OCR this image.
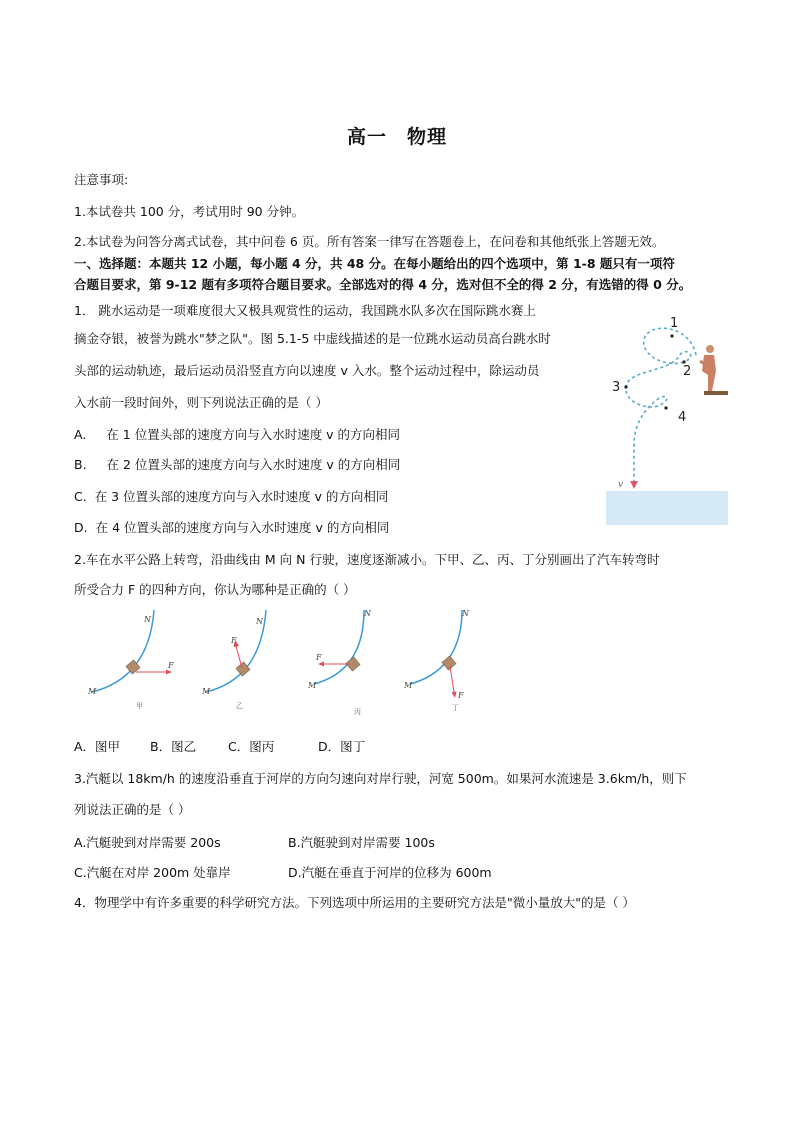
高一　物理
注意事项:
1.本试卷共 100 分，考试用时 90 分钟。
2.本试卷为问答分离式试卷，其中问卷 6 页。所有答案一律写在答题卷上，在问卷和其他纸张上答题无效。
一、选择题：本题共 12 小题，每小题 4 分，共 48 分。在每小题给出的四个选项中，第 1-8 题只有一项符
合题目要求，第 9-12 题有多项符合题目要求。全部选对的得 4 分，选对但不全的得 2 分，有选错的得 0 分。
1． 跳水运动是一项难度很大又极具观赏性的运动，我国跳水队多次在国际跳水赛上
摘金夺银，被誉为跳水"梦之队"。图 5.1-5 中虚线描述的是一位跳水运动员高台跳水时
头部的运动轨迹，最后运动员沿竖直方向以速度 v 入水。整个运动过程中，除运动员
入水前一段时间外，则下列说法正确的是（ ）
A. 在 1 位置头部的速度方向与入水时速度 v 的方向相同
B. 在 2 位置头部的速度方向与入水时速度 v 的方向相同
C. 在 3 位置头部的速度方向与入水时速度 v 的方向相同
D. 在 4 位置头部的速度方向与入水时速度 v 的方向相同
1
2
3
4
v
2.车在水平公路上转弯，沿曲线由 M 向 N 行驶，速度逐渐减小。下甲、乙、丙、丁分别画出了汽车转弯时
所受合力 F 的四种方向，你认为哪种是正确的（ ）
M
N
F
甲
M
N
F
乙
M
N
F
丙
M
N
F
丁
A．图甲 B．图乙	C．图丙	D．图丁
3.汽艇以 18km/h 的速度沿垂直于河岸的方向匀速向对岸行驶，河宽 500m。如果河水流速是 3.6km/h，则下
列说法正确的是（ ）
A.汽艇驶到对岸需要 200s	B.汽艇驶到对岸需要 100s
C.汽艇在对岸 200m 处靠岸	D.汽艇在垂直于河岸的位移为 600m
4．物理学中有许多重要的科学研究方法。下列选项中所运用的主要研究方法是"微小量放大"的是（ ）
